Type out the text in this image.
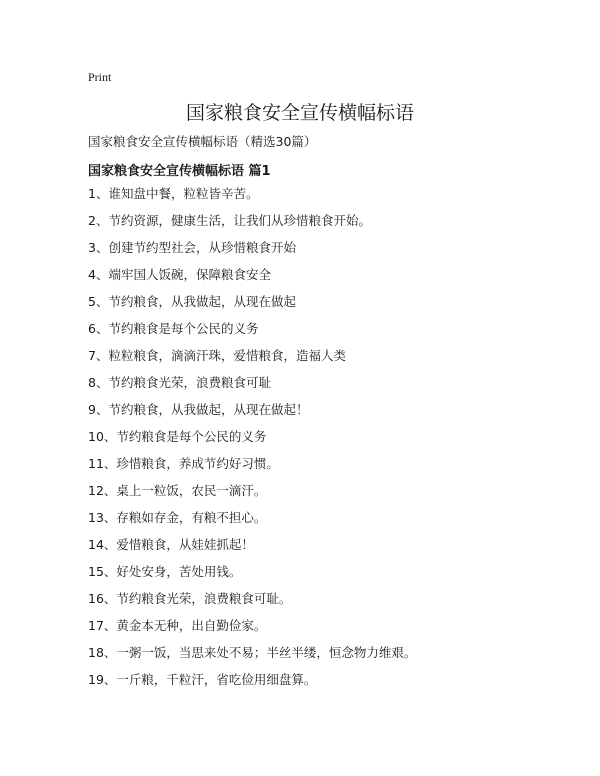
Print
国家粮食安全宣传横幅标语
国家粮食安全宣传横幅标语（精选30篇）
国家粮食安全宣传横幅标语 篇1
1、谁知盘中餐，粒粒皆辛苦。
2、节约资源，健康生活，让我们从珍惜粮食开始。
3、创建节约型社会，从珍惜粮食开始
4、端牢国人饭碗，保障粮食安全
5、节约粮食，从我做起，从现在做起
6、节约粮食是每个公民的义务
7、粒粒粮食，滴滴汗珠，爱惜粮食，造福人类
8、节约粮食光荣，浪费粮食可耻
9、节约粮食，从我做起，从现在做起！
10、节约粮食是每个公民的义务
11、珍惜粮食，养成节约好习惯。
12、桌上一粒饭，农民一滴汗。
13、存粮如存金，有粮不担心。
14、爱惜粮食，从娃娃抓起！
15、好处安身，苦处用钱。
16、节约粮食光荣，浪费粮食可耻。
17、黄金本无种，出自勤俭家。
18、一粥一饭，当思来处不易；半丝半缕，恒念物力维艰。
19、一斤粮，千粒汗，省吃俭用细盘算。
